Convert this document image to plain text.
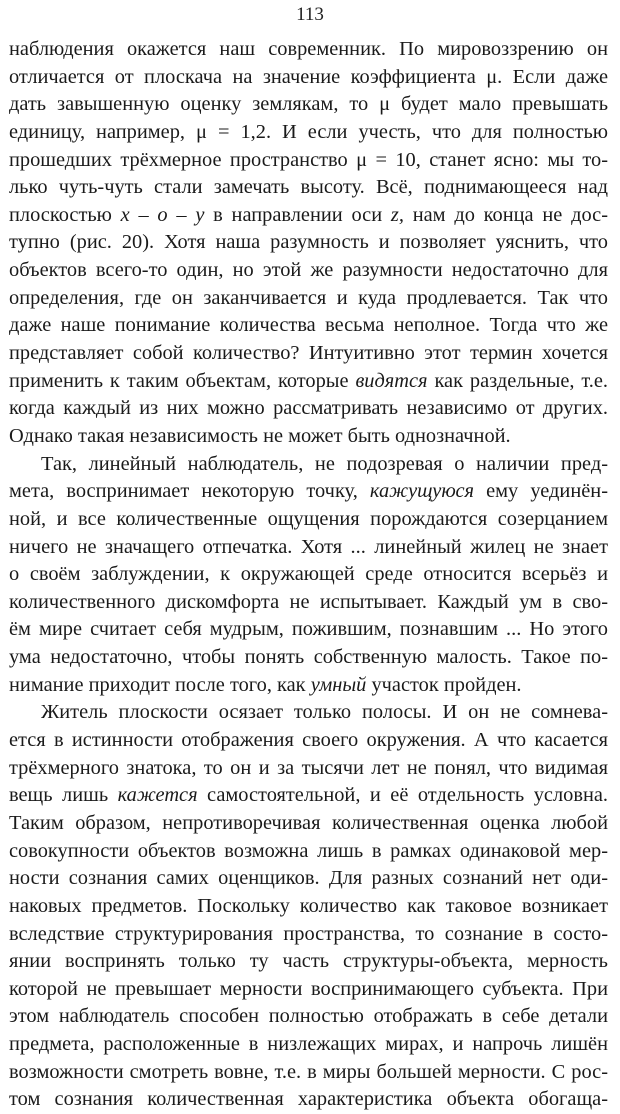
113
наблюдения окажется наш современник. По мировоззрению он
отличается от плоскача на значение коэффициента μ. Если даже
дать завышенную оценку землякам, то μ будет мало превышать
единицу, например, μ = 1,2. И если учесть, что для полностью
прошедших трёхмерное пространство μ = 10, станет ясно: мы то-
лько чуть-чуть стали замечать высоту. Всё, поднимающееся над
плоскостью x – o – y в направлении оси z, нам до конца не дос-
тупно (рис. 20). Хотя наша разумность и позволяет уяснить, что
объектов всего-то один, но этой же разумности недостаточно для
определения, где он заканчивается и куда продлевается. Так что
даже наше понимание количества весьма неполное. Тогда что же
представляет собой количество? Интуитивно этот термин хочется
применить к таким объектам, которые видятся как раздельные, т.е.
когда каждый из них можно рассматривать независимо от других.
Однако такая независимость не может быть однозначной.
Так, линейный наблюдатель, не подозревая о наличии пред-
мета, воспринимает некоторую точку, кажущуюся ему уединён-
ной, и все количественные ощущения порождаются созерцанием
ничего не значащего отпечатка. Хотя ... линейный жилец не знает
о своём заблуждении, к окружающей среде относится всерьёз и
количественного дискомфорта не испытывает. Каждый ум в сво-
ём мире считает себя мудрым, пожившим, познавшим ... Но этого
ума недостаточно, чтобы понять собственную малость. Такое по-
нимание приходит после того, как умный участок пройден.
Житель плоскости осязает только полосы. И он не сомнева-
ется в истинности отображения своего окружения. А что касается
трёхмерного знатока, то он и за тысячи лет не понял, что видимая
вещь лишь кажется самостоятельной, и её отдельность условна.
Таким образом, непротиворечивая количественная оценка любой
совокупности объектов возможна лишь в рамках одинаковой мер-
ности сознания самих оценщиков. Для разных сознаний нет оди-
наковых предметов. Поскольку количество как таковое возникает
вследствие структурирования пространства, то сознание в состо-
янии воспринять только ту часть структуры-объекта, мерность
которой не превышает мерности воспринимающего субъекта. При
этом наблюдатель способен полностью отображать в себе детали
предмета, расположенные в низлежащих мирах, и напрочь лишён
возможности смотреть вовне, т.е. в миры большей мерности. С рос-
том сознания количественная характеристика объекта обогаща-
